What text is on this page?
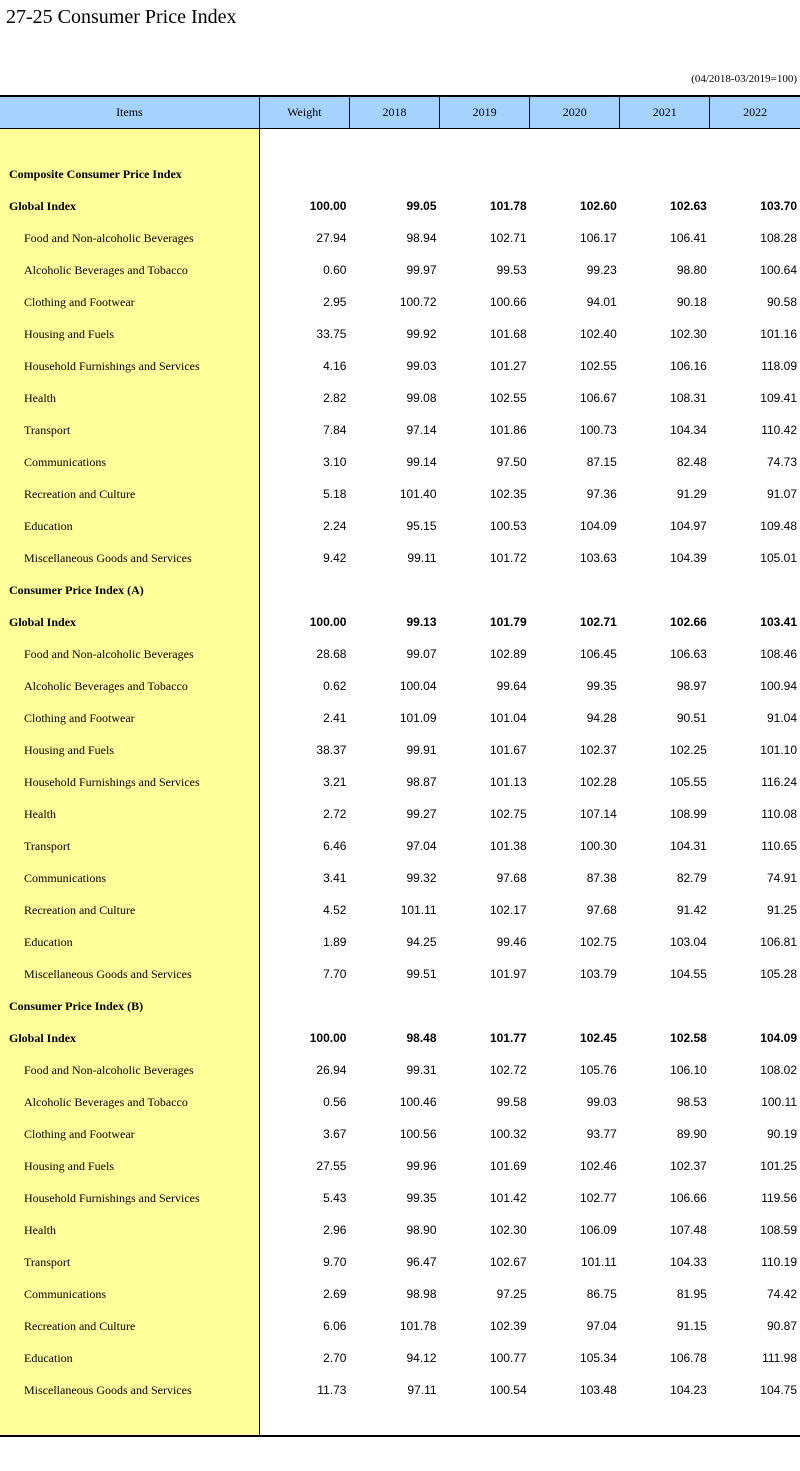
27-25 Consumer Price Index
(04/2018-03/2019=100)
Items	Weight	2018	2019	2020	2021	2022

Composite Consumer Price Index						
Global Index	100.00	99.05	101.78	102.60	102.63	103.70
Food and Non-alcoholic Beverages	27.94	98.94	102.71	106.17	106.41	108.28
Alcoholic Beverages and Tobacco	0.60	99.97	99.53	99.23	98.80	100.64
Clothing and Footwear	2.95	100.72	100.66	94.01	90.18	90.58
Housing and Fuels	33.75	99.92	101.68	102.40	102.30	101.16
Household Furnishings and Services	4.16	99.03	101.27	102.55	106.16	118.09
Health	2.82	99.08	102.55	106.67	108.31	109.41
Transport	7.84	97.14	101.86	100.73	104.34	110.42
Communications	3.10	99.14	97.50	87.15	82.48	74.73
Recreation and Culture	5.18	101.40	102.35	97.36	91.29	91.07
Education	2.24	95.15	100.53	104.09	104.97	109.48
Miscellaneous Goods and Services	9.42	99.11	101.72	103.63	104.39	105.01
Consumer Price Index (A)						
Global Index	100.00	99.13	101.79	102.71	102.66	103.41
Food and Non-alcoholic Beverages	28.68	99.07	102.89	106.45	106.63	108.46
Alcoholic Beverages and Tobacco	0.62	100.04	99.64	99.35	98.97	100.94
Clothing and Footwear	2.41	101.09	101.04	94.28	90.51	91.04
Housing and Fuels	38.37	99.91	101.67	102.37	102.25	101.10
Household Furnishings and Services	3.21	98.87	101.13	102.28	105.55	116.24
Health	2.72	99.27	102.75	107.14	108.99	110.08
Transport	6.46	97.04	101.38	100.30	104.31	110.65
Communications	3.41	99.32	97.68	87.38	82.79	74.91
Recreation and Culture	4.52	101.11	102.17	97.68	91.42	91.25
Education	1.89	94.25	99.46	102.75	103.04	106.81
Miscellaneous Goods and Services	7.70	99.51	101.97	103.79	104.55	105.28
Consumer Price Index (B)						
Global Index	100.00	98.48	101.77	102.45	102.58	104.09
Food and Non-alcoholic Beverages	26.94	99.31	102.72	105.76	106.10	108.02
Alcoholic Beverages and Tobacco	0.56	100.46	99.58	99.03	98.53	100.11
Clothing and Footwear	3.67	100.56	100.32	93.77	89.90	90.19
Housing and Fuels	27.55	99.96	101.69	102.46	102.37	101.25
Household Furnishings and Services	5.43	99.35	101.42	102.77	106.66	119.56
Health	2.96	98.90	102.30	106.09	107.48	108.59
Transport	9.70	96.47	102.67	101.11	104.33	110.19
Communications	2.69	98.98	97.25	86.75	81.95	74.42
Recreation and Culture	6.06	101.78	102.39	97.04	91.15	90.87
Education	2.70	94.12	100.77	105.34	106.78	111.98
Miscellaneous Goods and Services	11.73	97.11	100.54	103.48	104.23	104.75
